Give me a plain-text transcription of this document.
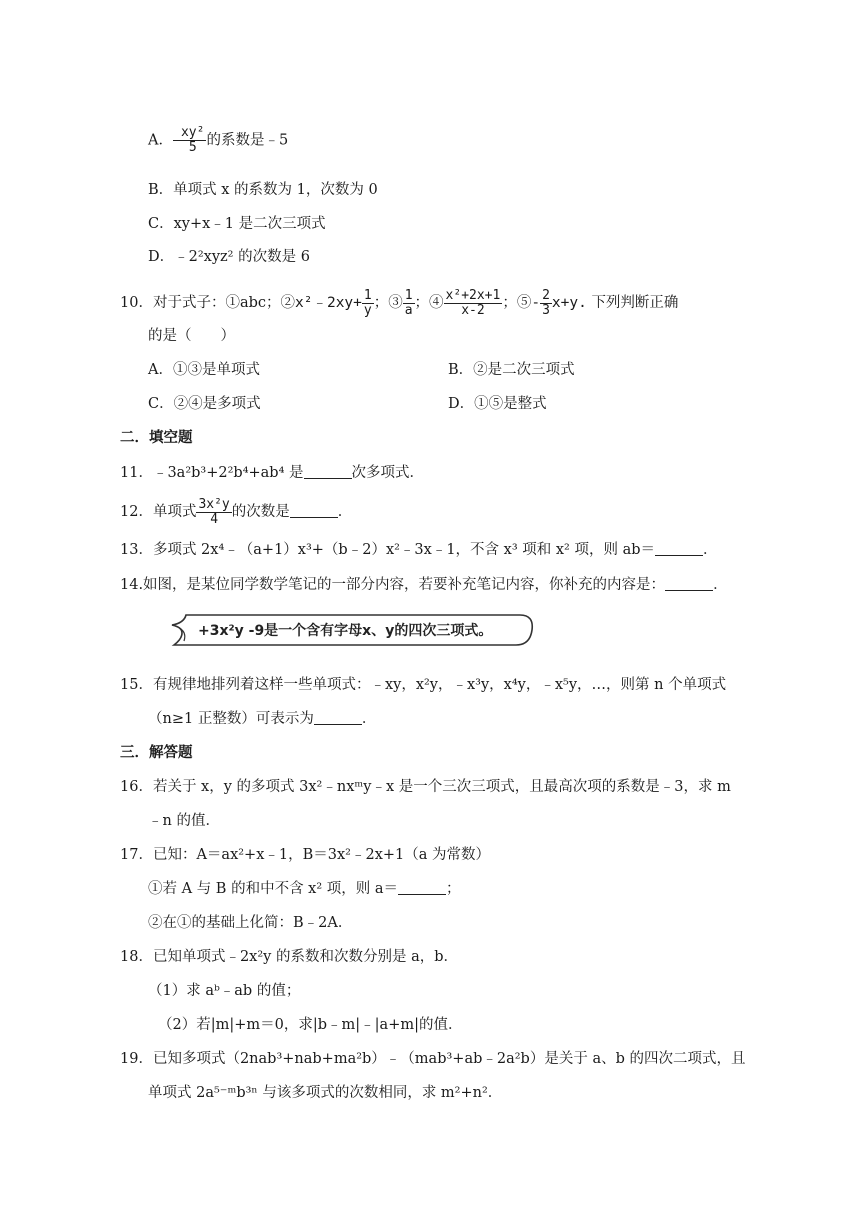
A． $\frac{\text{xy²}}{5}$ 的系数是﹣5
B．单项式 x 的系数为 1，次数为 0
C．xy+x﹣1 是二次三项式
D．﹣2²xyz² 的次数是 6
10．对于式子：①abc；②x²﹣2xy+ $\frac{1}{y}$ ；③ $\frac{1}{a}$ ；④ $\frac{\text{x²+2x+1}}{x-2}$ ；⑤- $\frac{2}{3} x+y$. 下列判断正确
的是（　　）
A．①③是单项式	B．②是二次三项式
C．②④是多项式	D．①⑤是整式
二．填空题
11．﹣3a²b³+2²b⁴+ab⁴ 是	次多项式．
12．单项式 $\frac{\text{3x²y}}{4}$ 的次数是	．
13．多项式 2x⁴﹣（a+1）x³+（b﹣2）x²﹣3x﹣1，不含 x³ 项和 x² 项，则 ab＝	．
14.如图，是某位同学数学笔记的一部分内容，若要补充笔记内容，你补充的内容是：	．
+3x²y -9是一个含有字母x、y的四次三项式。
15．有规律地排列着这样一些单项式：﹣xy，x²y，﹣x³y，x⁴y，﹣x⁵y，…，则第 n 个单项式
（n≥1 正整数）可表示为	．
三．解答题
16．若关于 x，y 的多项式 3x²﹣nxᵐy﹣x 是一个三次三项式，且最高次项的系数是﹣3，求 m
﹣n 的值．
17．已知：A＝ax²+x﹣1，B＝3x²﹣2x+1（a 为常数）
①若 A 与 B 的和中不含 x² 项，则 a＝	；
②在①的基础上化简：B﹣2A．
18．已知单项式﹣2x²y 的系数和次数分别是 a，b．
（1）求 aᵇ﹣ab 的值；
（2）若|m|+m＝0，求|b﹣m|﹣|a+m|的值．
19．已知多项式（2nab³+nab+ma²b）﹣（mab³+ab﹣2a²b）是关于 a、b 的四次二项式，且
单项式 2a⁵⁻ᵐb³ⁿ 与该多项式的次数相同，求 m²+n²．
